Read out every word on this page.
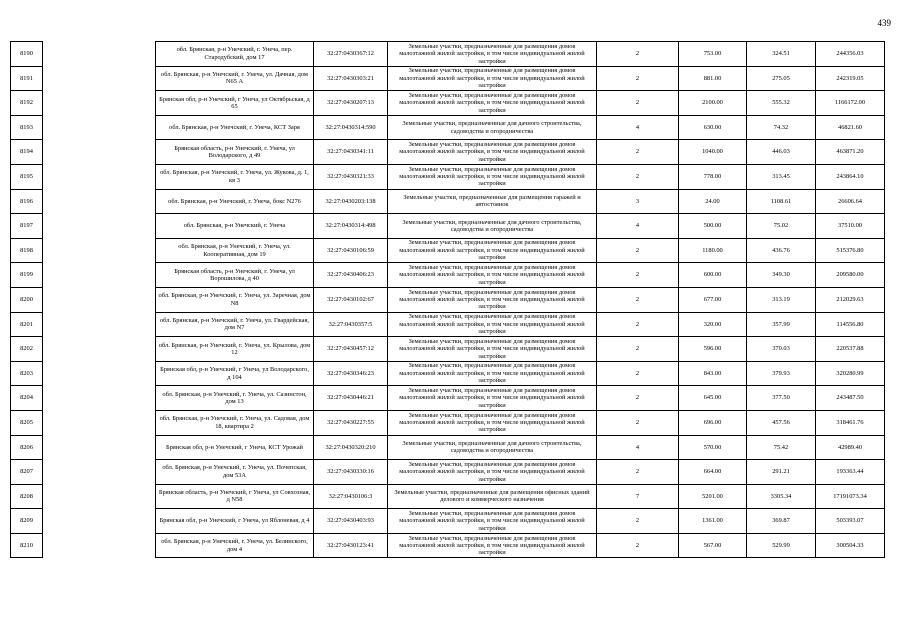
439
8190		обл. Брянская, р-н Унечский, г. Унеча, пер. Стародубский, дом 17	32:27:0430367:12	Земельные участки, предназначенные для размещения домов малоэтажной жилой застройки, в том числе индивидуальной жилой застройки	2	753.00	324.51	244356.03
8191		обл. Брянская, р-н Унечский, г. Унеча, ул. Дачная, дом N65 А	32:27:0430303:21	Земельные участки, предназначенные для размещения домов малоэтажной жилой застройки, в том числе индивидуальной жилой застройки	2	881.00	275.05	242319.05
8192		Брянская обл, р-н Унечский, г Унеча, ул Октябрьская, д 65	32:27:0430207:13	Земельные участки, предназначенные для размещения домов малоэтажной жилой застройки, в том числе индивидуальной жилой застройки	2	2100.00	555.32	1166172.00
8193		обл. Брянская, р-н Унечский, г. Унеча, КСТ Заря	32:27:0430314:590	Земельные участки, предназначенные для дачного строительства, садоводства и огородничества	4	630.00	74.32	46821.60
8194		Брянская область, р-н Унечский, г. Унеча, ул Володарского, д 49	32:27:0430341:11	Земельные участки, предназначенные для размещения домов малоэтажной жилой застройки, в том числе индивидуальной жилой застройки	2	1040.00	446.03	463871.20
8195		обл. Брянская, р-н Унечский, г. Унеча, ул. Жукова, д. 1, кв 3	32:27:0430321:33	Земельные участки, предназначенные для размещения домов малоэтажной жилой застройки, в том числе индивидуальной жилой застройки	2	778.00	313.45	243864.10
8196		обл. Брянская, р-н Унечский, г. Унеча, бокс N276	32:27:0430203:138	Земельные участки, предназначенные для размещения гаражей и автостоянок	3	24.00	1108.61	26606.64
8197		обл. Брянская, р-н Унечский, г. Унеча	32:27:0430314:498	Земельные участки, предназначенные для дачного строительства, садоводства и огородничества	4	500.00	75.02	37510.00
8198		обл. Брянская, р-н Унечский, г. Унеча, ул. Кооперативная, дом 19	32:27:0430106:59	Земельные участки, предназначенные для размещения домов малоэтажной жилой застройки, в том числе индивидуальной жилой застройки	2	1180.00	436.76	515376.80
8199		Брянская область, р-н Унечский, г. Унеча, ул Ворошилова, д 40	32:27:0430406:23	Земельные участки, предназначенные для размещения домов малоэтажной жилой застройки, в том числе индивидуальной жилой застройки	2	600.00	349.30	209580.00
8200		обл. Брянская, р-н Унечский, г. Унеча, ул. Заречная, дом N8	32:27:0430102:67	Земельные участки, предназначенные для размещения домов малоэтажной жилой застройки, в том числе индивидуальной жилой застройки	2	677.00	313.19	212029.63
8201		обл. Брянская, р-н Унечский, г. Унеча, ул. Гвардейская, дом N7	32:27:0430357:5	Земельные участки, предназначенные для размещения домов малоэтажной жилой застройки, в том числе индивидуальной жилой застройки	2	320.00	357.99	114556.80
8202		обл. Брянская, р-н Унечский, г. Унеча, ул. Крылова, дом 12	32:27:0430457:12	Земельные участки, предназначенные для размещения домов малоэтажной жилой застройки, в том числе индивидуальной жилой застройки	2	596.00	370.03	220537.88
8203		Брянская обл, р-н Унечский, г Унеча, ул Володарского, д 104	32:27:0430346:23	Земельные участки, предназначенные для размещения домов малоэтажной жилой застройки, в том числе индивидуальной жилой застройки	2	843.00	379.93	320280.99
8204		обл. Брянская, р-н Унечский, г. Унеча, ул. Сазинстон, дом 13	32:27:0430446:21	Земельные участки, предназначенные для размещения домов малоэтажной жилой застройки, в том числе индивидуальной жилой застройки	2	645.00	377.50	243487.50
8205		обл. Брянская, р-н Унечский, г. Унеча, ул. Садовая, дом 18, квартира 2	32:27:0430227:55	Земельные участки, предназначенные для размещения домов малоэтажной жилой застройки, в том числе индивидуальной жилой застройки	2	696.00	457.56	318461.76
8206		Брянская обл, р-н Унечский, г Унеча, КСТ Урожай	32:27:0430320:210	Земельные участки, предназначенные для дачного строительства, садоводства и огородничества	4	570.00	75.42	42989.40
8207		обл. Брянская, р-н Унечский, г. Унеча, ул. Почепская, дом 53А	32:27:0430330:16	Земельные участки, предназначенные для размещения домов малоэтажной жилой застройки, в том числе индивидуальной жилой застройки	2	664.00	291.21	193363.44
8208		Брянская область, р-н Унечский, г Унеча, ул Совхозная, д N58	32:27:0430106:3	Земельные участки, предназначенные для размещения офисных зданий делового и коммерческого назначения	7	5201.00	3305.34	17191073.34
8209		Брянская обл, р-н Унечский, г Унеча, ул Яблоневая, д 4	32:27:0430403:93	Земельные участки, предназначенные для размещения домов малоэтажной жилой застройки, в том числе индивидуальной жилой застройки	2	1361.00	369.87	503393.07
8210		обл. Брянская, р-н Унечский, г. Унеча, ул. Белинского, дом 4	32:27:0430123:41	Земельные участки, предназначенные для размещения домов малоэтажной жилой застройки, в том числе индивидуальной жилой застройки	2	567.00	529.99	300504.33
